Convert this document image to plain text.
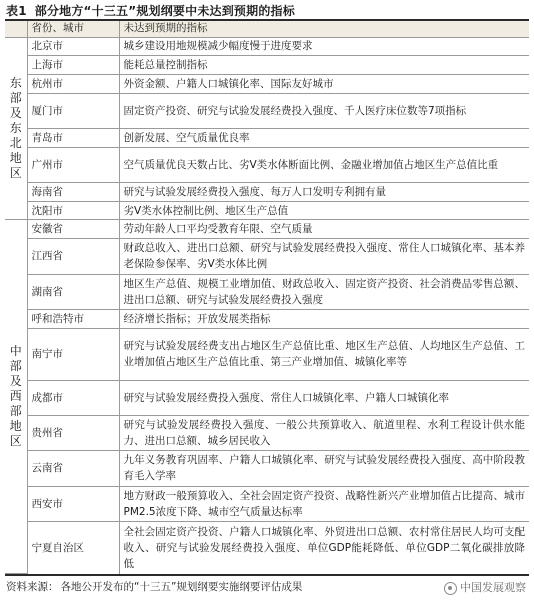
表1 部分地方“十三五”规划纲要中未达到预期的指标
	省份、城市	未达到预期的指标
东部及东北地区	北京市	城乡建设用地规模减少幅度慢于进度要求
	上海市	能耗总量控制指标
	杭州市	外资金额、户籍人口城镇化率、国际友好城市
	厦门市	固定资产投资、研究与试验发展经费投入强度、千人医疗床位数等7项指标
	青岛市	创新发展、空气质量优良率
	广州市	空气质量优良天数占比、劣Ⅴ类水体断面比例、金融业增加值占地区生产总值比重
	海南省	研究与试验发展经费投入强度、每万人口发明专利拥有量
	沈阳市	劣Ⅴ类水体控制比例、地区生产总值
中部及西部地区	安徽省	劳动年龄人口平均受教育年限、空气质量
	江西省	财政总收入、进出口总额、研究与试验发展经费投入强度、常住人口城镇化率、基本养老保险参保率、劣Ⅴ类水体比例
	湖南省	地区生产总值、规模工业增加值、财政总收入、固定资产投资、社会消费品零售总额、进出口总额、研究与试验发展经费投入强度
	呼和浩特市	经济增长指标；开放发展类指标
	南宁市	研究与试验发展经费支出占地区生产总值比重、地区生产总值、人均地区生产总值、工业增加值占地区生产总值比重、第三产业增加值、城镇化率等
	成都市	研究与试验发展经费投入强度、常住人口城镇化率、户籍人口城镇化率
	贵州省	研究与试验发展经费投入强度、一般公共预算收入、航道里程、水利工程设计供水能力、进出口总额、城乡居民收入
	云南省	九年义务教育巩固率、户籍人口城镇化率、研究与试验发展经费投入强度、高中阶段教育毛入学率
	西安市	地方财政一般预算收入、全社会固定资产投资、战略性新兴产业增加值占比提高、城市PM2.5浓度下降、城市空气质量达标率
	宁夏自治区	全社会固定资产投资、户籍人口城镇化率、外贸进出口总额、农村常住居民人均可支配收入、研究与试验发展经费投入强度、单位GDP能耗降低、单位GDP二氧化碳排放降低
资料来源： 各地公开发布的“十三五”规划纲要实施纲要评估成果	中国发展观察
